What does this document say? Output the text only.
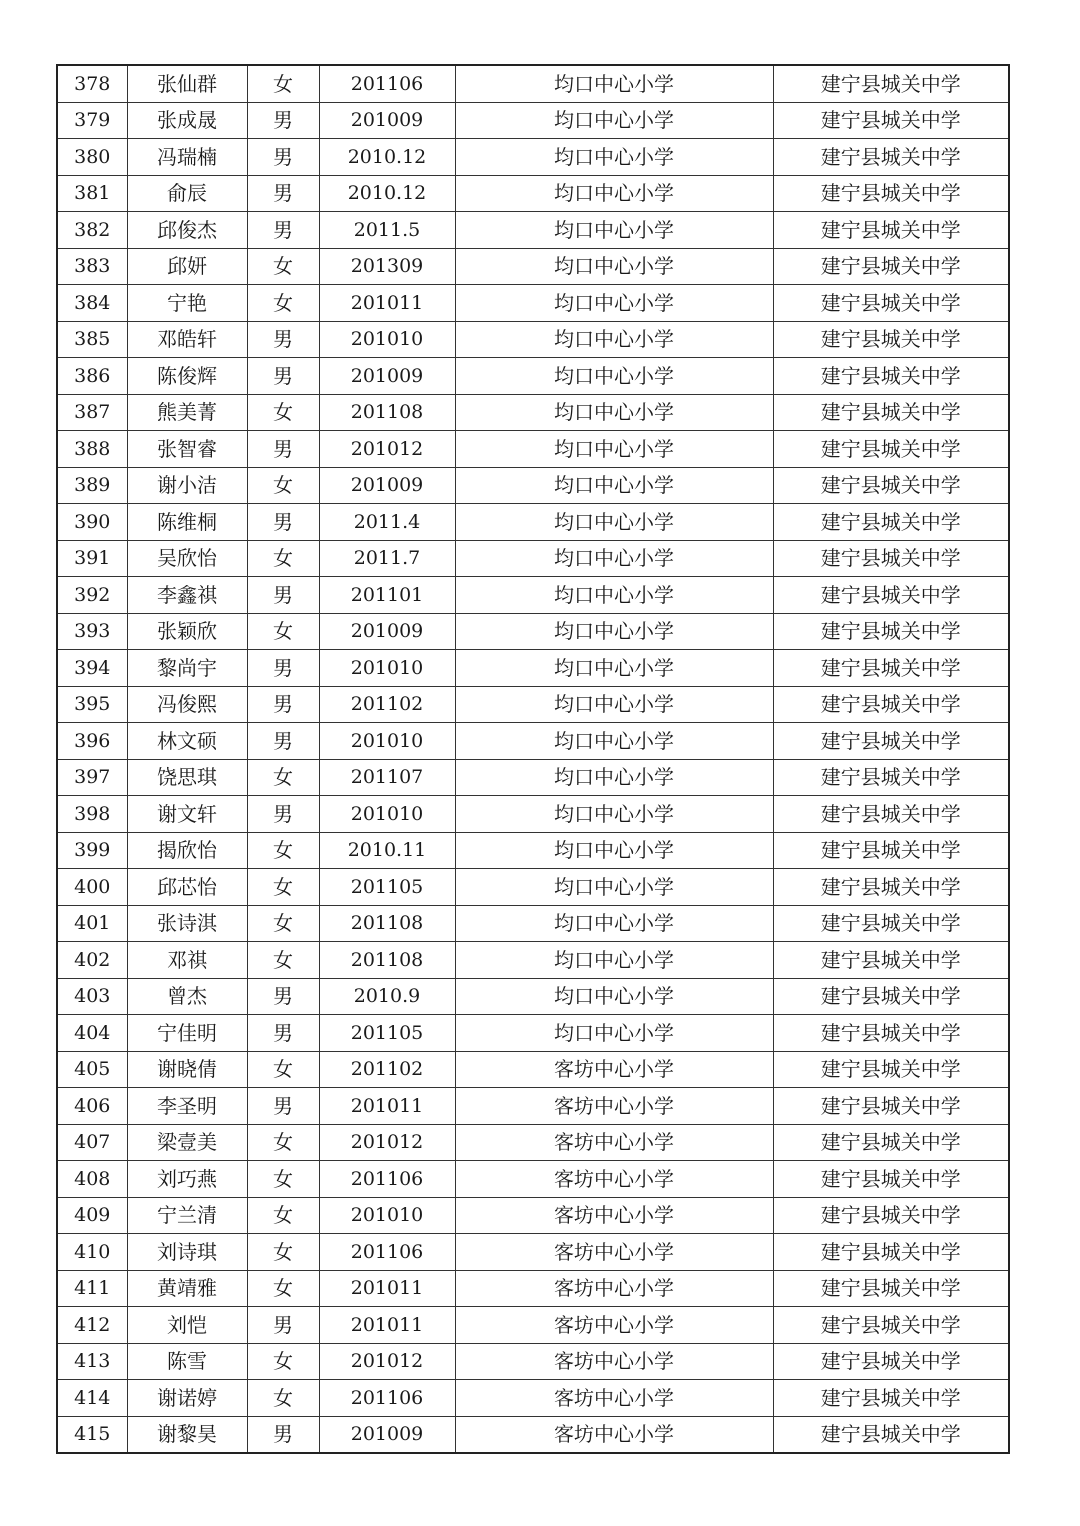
378	张仙群	女	201106	均口中心小学	建宁县城关中学
379	张成晟	男	201009	均口中心小学	建宁县城关中学
380	冯瑞楠	男	2010.12	均口中心小学	建宁县城关中学
381	俞辰	男	2010.12	均口中心小学	建宁县城关中学
382	邱俊杰	男	2011.5	均口中心小学	建宁县城关中学
383	邱妍	女	201309	均口中心小学	建宁县城关中学
384	宁艳	女	201011	均口中心小学	建宁县城关中学
385	邓皓轩	男	201010	均口中心小学	建宁县城关中学
386	陈俊辉	男	201009	均口中心小学	建宁县城关中学
387	熊美菁	女	201108	均口中心小学	建宁县城关中学
388	张智睿	男	201012	均口中心小学	建宁县城关中学
389	谢小洁	女	201009	均口中心小学	建宁县城关中学
390	陈维桐	男	2011.4	均口中心小学	建宁县城关中学
391	吴欣怡	女	2011.7	均口中心小学	建宁县城关中学
392	李鑫祺	男	201101	均口中心小学	建宁县城关中学
393	张颖欣	女	201009	均口中心小学	建宁县城关中学
394	黎尚宇	男	201010	均口中心小学	建宁县城关中学
395	冯俊熙	男	201102	均口中心小学	建宁县城关中学
396	林文硕	男	201010	均口中心小学	建宁县城关中学
397	饶思琪	女	201107	均口中心小学	建宁县城关中学
398	谢文轩	男	201010	均口中心小学	建宁县城关中学
399	揭欣怡	女	2010.11	均口中心小学	建宁县城关中学
400	邱芯怡	女	201105	均口中心小学	建宁县城关中学
401	张诗淇	女	201108	均口中心小学	建宁县城关中学
402	邓祺	女	201108	均口中心小学	建宁县城关中学
403	曾杰	男	2010.9	均口中心小学	建宁县城关中学
404	宁佳明	男	201105	均口中心小学	建宁县城关中学
405	谢晓倩	女	201102	客坊中心小学	建宁县城关中学
406	李圣明	男	201011	客坊中心小学	建宁县城关中学
407	梁壹美	女	201012	客坊中心小学	建宁县城关中学
408	刘巧燕	女	201106	客坊中心小学	建宁县城关中学
409	宁兰清	女	201010	客坊中心小学	建宁县城关中学
410	刘诗琪	女	201106	客坊中心小学	建宁县城关中学
411	黄靖雅	女	201011	客坊中心小学	建宁县城关中学
412	刘恺	男	201011	客坊中心小学	建宁县城关中学
413	陈雪	女	201012	客坊中心小学	建宁县城关中学
414	谢诺婷	女	201106	客坊中心小学	建宁县城关中学
415	谢黎昊	男	201009	客坊中心小学	建宁县城关中学
